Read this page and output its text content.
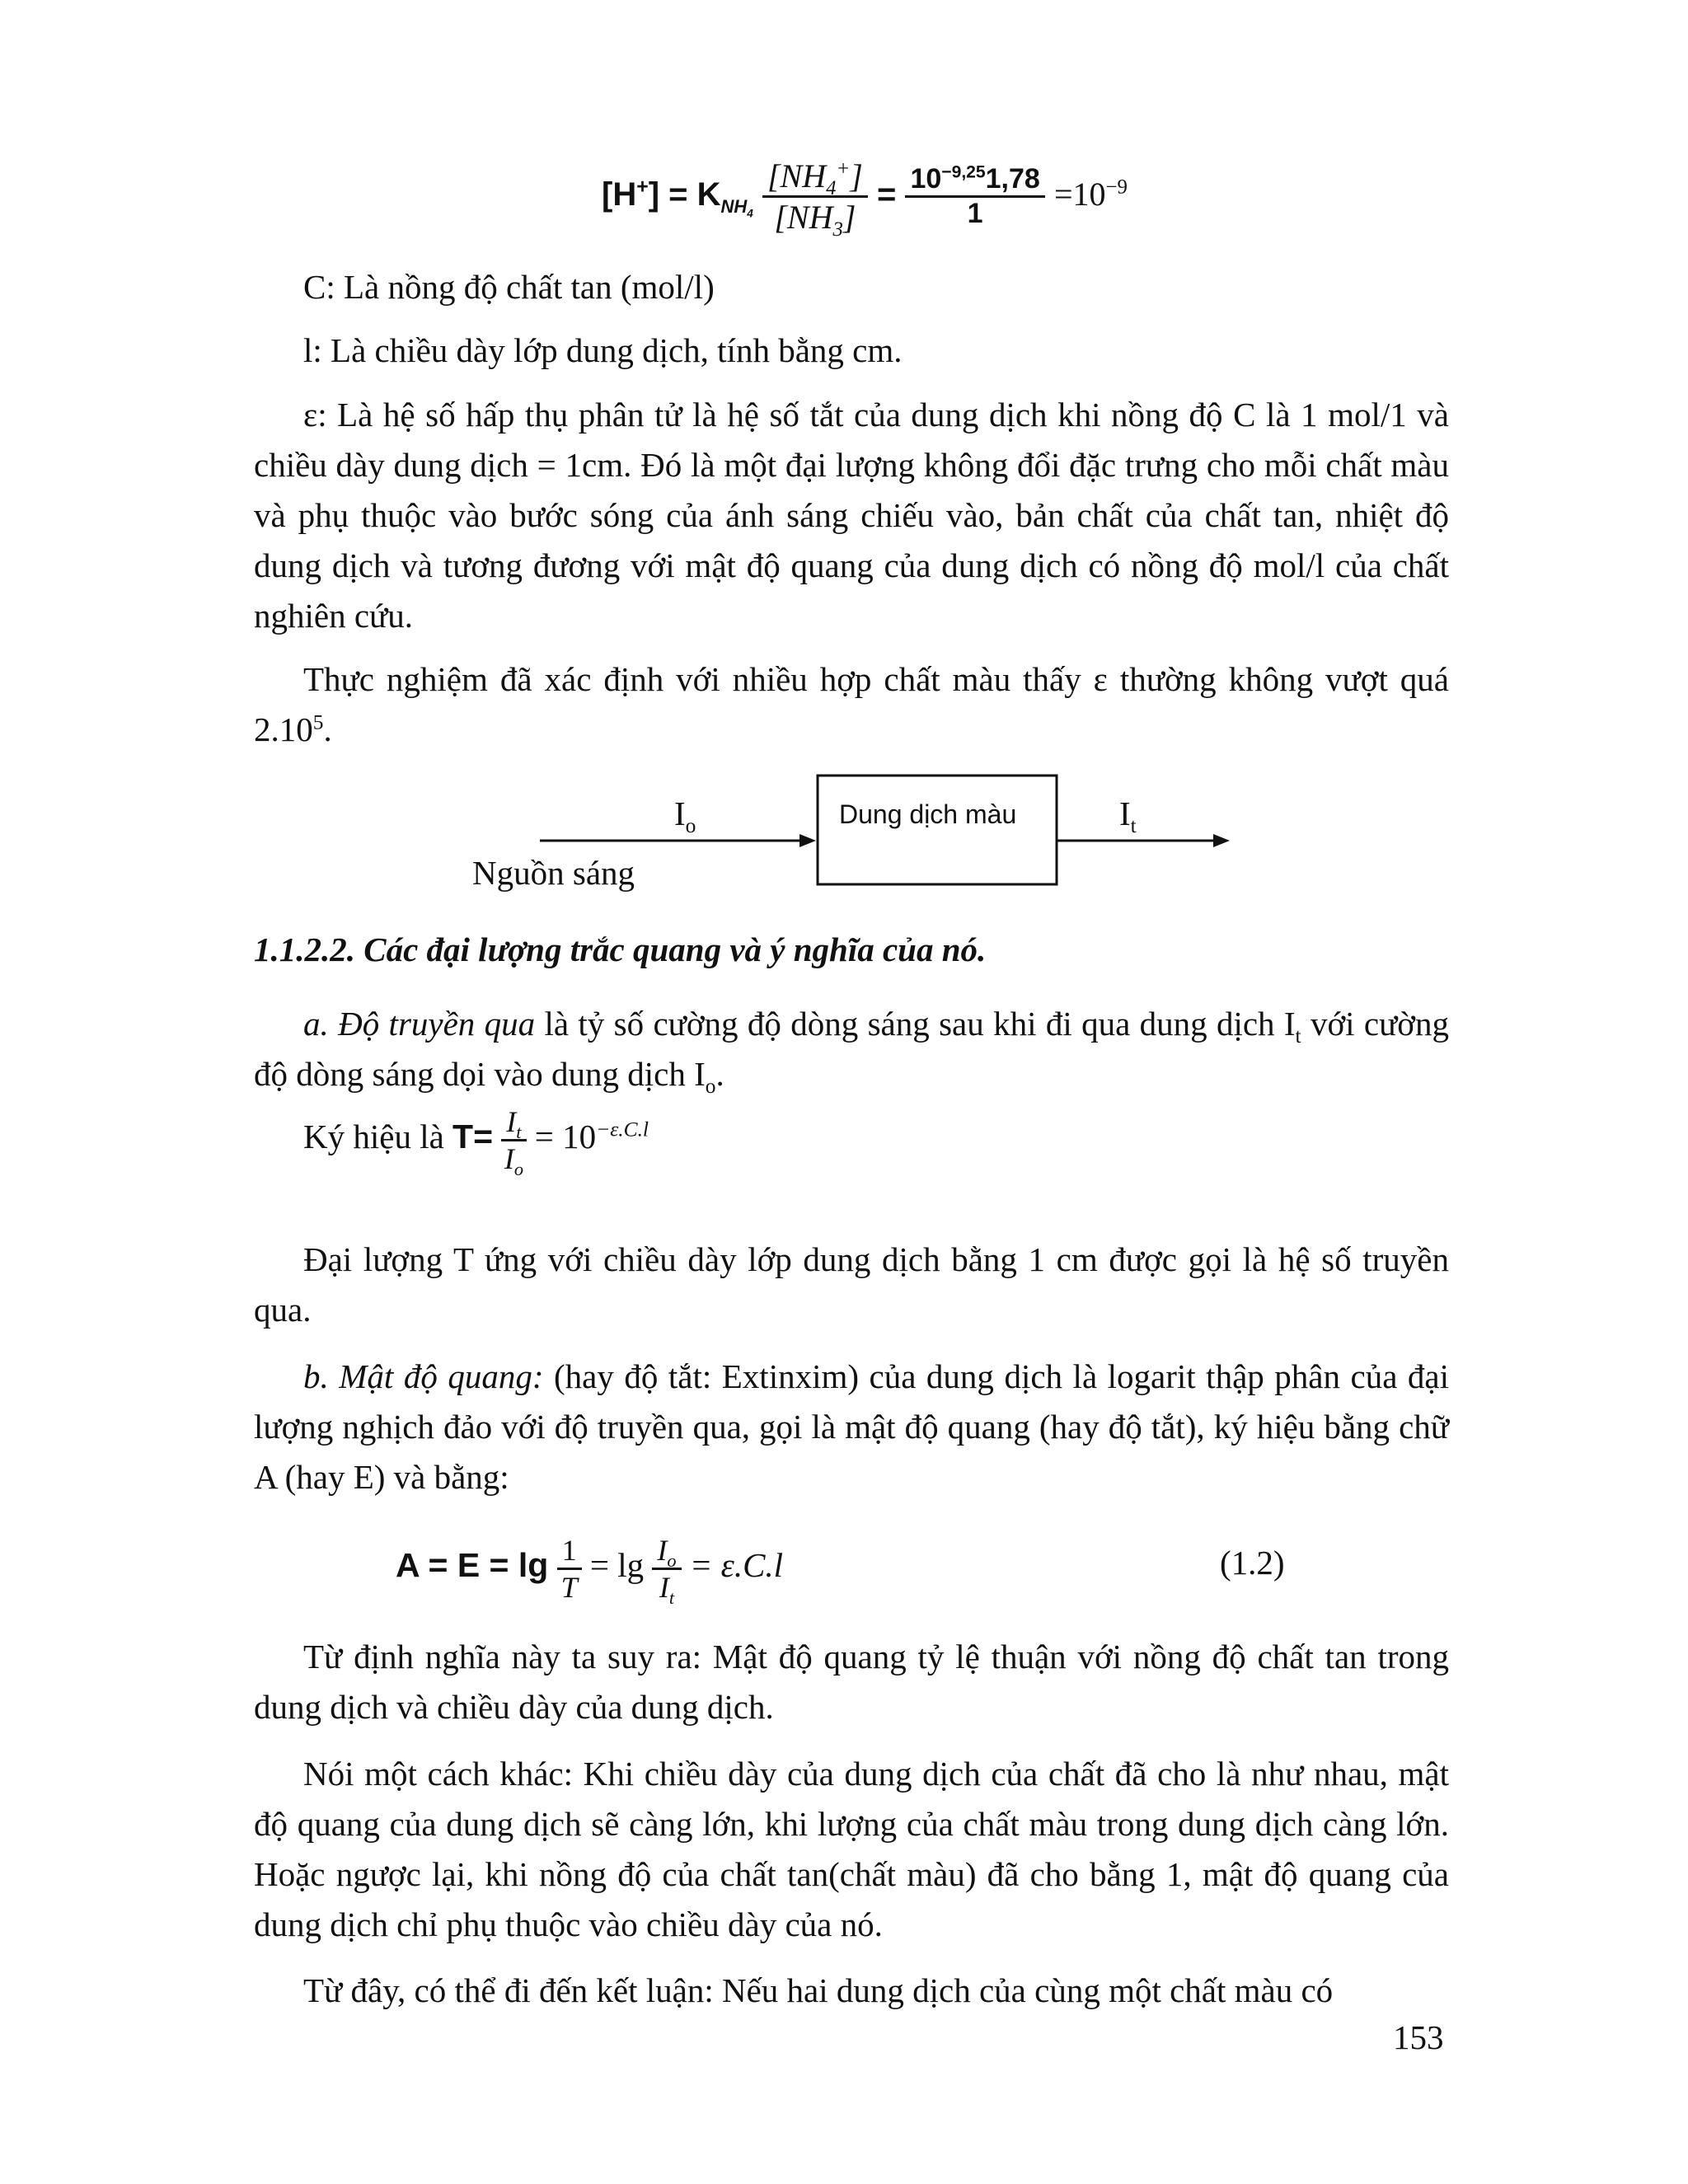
$[H^+] = K_{NH_4} \frac{[NH_4^+]}{[NH_3]} = \frac{10^{-9,25}1,78}{1} =10^{-9}$
C: Là nồng độ chất tan (mol/l)
l: Là chiều dày lớp dung dịch, tính bằng cm.

ε: Là hệ số hấp thụ phân tử là hệ số tắt của dung dịch khi nồng độ C là 1 mol/1 và chiều dày dung dịch = 1cm. Đó là một đại lượng không đổi đặc trưng cho mỗi chất màu và phụ thuộc vào bước sóng của ánh sáng chiếu vào, bản chất của chất tan, nhiệt độ dung dịch và tương đương với mật độ quang của dung dịch có nồng độ mol/l của chất nghiên cứu.

Thực nghiệm đã xác định với nhiều hợp chất màu thấy ε thường không vượt quá 2.10$^5$.

$I_o$	Dung dịch màu	$I_t$
Nguồn sáng
1.1.2.2. Các đại lượng trắc quang và ý nghĩa của nó.

a. Độ truyền qua là tỷ số cường độ dòng sáng sau khi đi qua dung dịch $I_t$ với cường độ dòng sáng dọi vào dung dịch $I_o$.

Ký hiệu là $T= \frac{I_t}{I_o} = 10^{-\varepsilon.C.l}$

Đại lượng T ứng với chiều dày lớp dung dịch bằng 1 cm được gọi là hệ số truyền qua.

b. Mật độ quang: (hay độ tắt: Extinxim) của dung dịch là logarit thập phân của đại lượng nghịch đảo với độ truyền qua, gọi là mật độ quang (hay độ tắt), ký hiệu bằng chữ A (hay E) và bằng:

$A = E = \lg \frac{1}{T} = \lg \frac{I_o}{I_t} = \varepsilon.C.l$	(1.2)

Từ định nghĩa này ta suy ra: Mật độ quang tỷ lệ thuận với nồng độ chất tan trong dung dịch và chiều dày của dung dịch.

Nói một cách khác: Khi chiều dày của dung dịch của chất đã cho là như nhau, mật độ quang của dung dịch sẽ càng lớn, khi lượng của chất màu trong dung dịch càng lớn. Hoặc ngược lại, khi nồng độ của chất tan(chất màu) đã cho bằng 1, mật độ quang của dung dịch chỉ phụ thuộc vào chiều dày của nó.

Từ đây, có thể đi đến kết luận: Nếu hai dung dịch của cùng một chất màu có

153
